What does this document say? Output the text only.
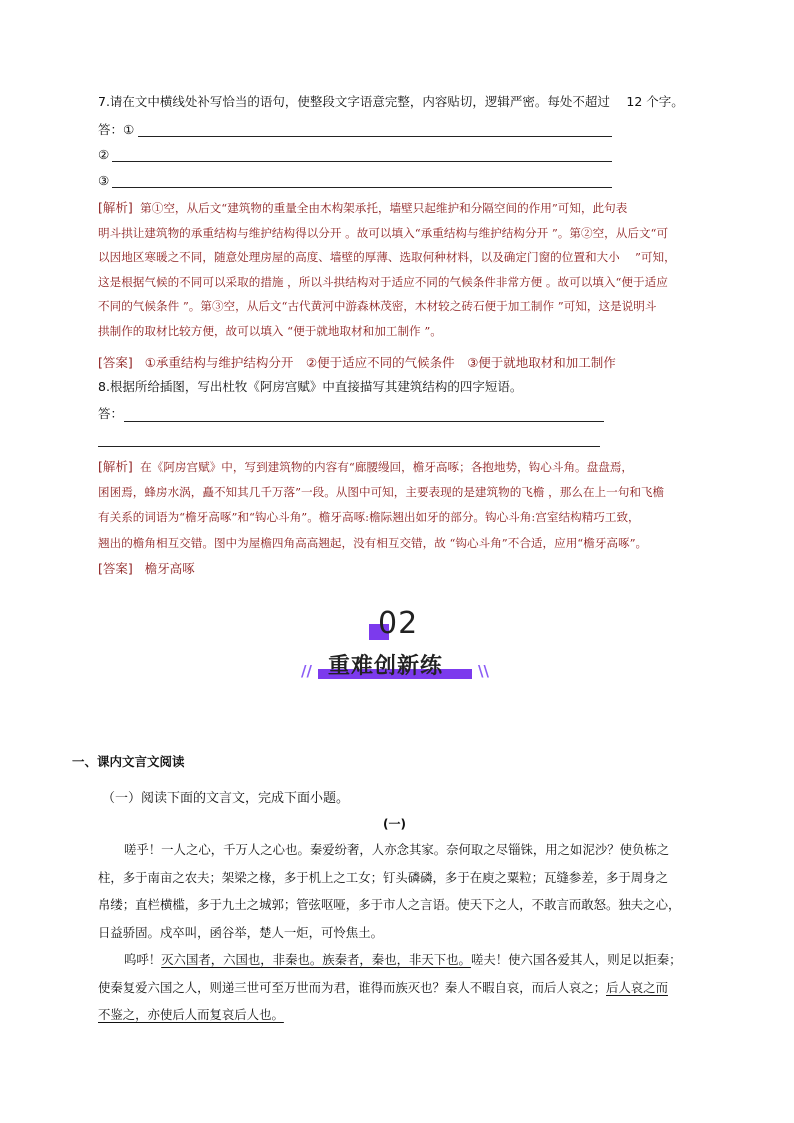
7.请在文中横线处补写恰当的语句，使整段文字语意完整，内容贴切，逻辑严密。每处不超过　 12 个字。
答：①
②
③
[解析] 第①空，从后文“建筑物的重量全由木构架承托，墙壁只起维护和分隔空间的作用”可知，此句表
明斗拱让建筑物的承重结构与维护结构得以分开 。故可以填入“承重结构与维护结构分开 ”。第②空，从后文“可
以因地区寒暖之不同，随意处理房屋的高度、墙壁的厚薄、选取何种材料，以及确定门窗的位置和大小　 ”可知，
这是根据气候的不同可以采取的措施 ，所以斗拱结构对于适应不同的气候条件非常方便 。故可以填入“便于适应
不同的气候条件 ”。第③空，从后文“古代黄河中游森林茂密，木材较之砖石便于加工制作 ”可知，这是说明斗
拱制作的取材比较方便，故可以填入 “便于就地取材和加工制作 ”。
[答案] ①承重结构与维护结构分开　②便于适应不同的气候条件　③便于就地取材和加工制作
8.根据所给插图，写出杜牧《阿房宫赋》中直接描写其建筑结构的四字短语。
答：
[解析] 在《阿房宫赋》中，写到建筑物的内容有“廊腰缦回，檐牙高啄；各抱地势，钩心斗角。盘盘焉，
囷囷焉，蜂房水涡，矗不知其几千万落”一段。从图中可知，主要表现的是建筑物的飞檐 ，那么在上一句和飞檐
有关系的词语为“檐牙高啄”和“钩心斗角”。檐牙高啄:檐际翘出如牙的部分。钩心斗角:宫室结构精巧工致，
翘出的檐角相互交错。图中为屋檐四角高高翘起，没有相互交错，故 “钩心斗角”不合适，应用“檐牙高啄”。
[答案] 檐牙高啄
02
重难创新练
//	\\
一、课内文言文阅读
（一）阅读下面的文言文，完成下面小题。
(一)
嗟乎！一人之心，千万人之心也。秦爱纷奢，人亦念其家。奈何取之尽锱铢，用之如泥沙？使负栋之
柱，多于南亩之农夫；架梁之椽，多于机上之工女；钉头磷磷，多于在庾之粟粒；瓦缝参差，多于周身之
帛缕；直栏横槛，多于九土之城郭；管弦呕哑，多于市人之言语。使天下之人，不敢言而敢怒。独夫之心，
日益骄固。戍卒叫，函谷举，楚人一炬，可怜焦土。
呜呼！灭六国者，六国也，非秦也。族秦者，秦也，非天下也。嗟夫！使六国各爱其人，则足以拒秦；
使秦复爱六国之人，则递三世可至万世而为君，谁得而族灭也？秦人不暇自哀，而后人哀之；后人哀之而
不鉴之，亦使后人而复哀后人也。
